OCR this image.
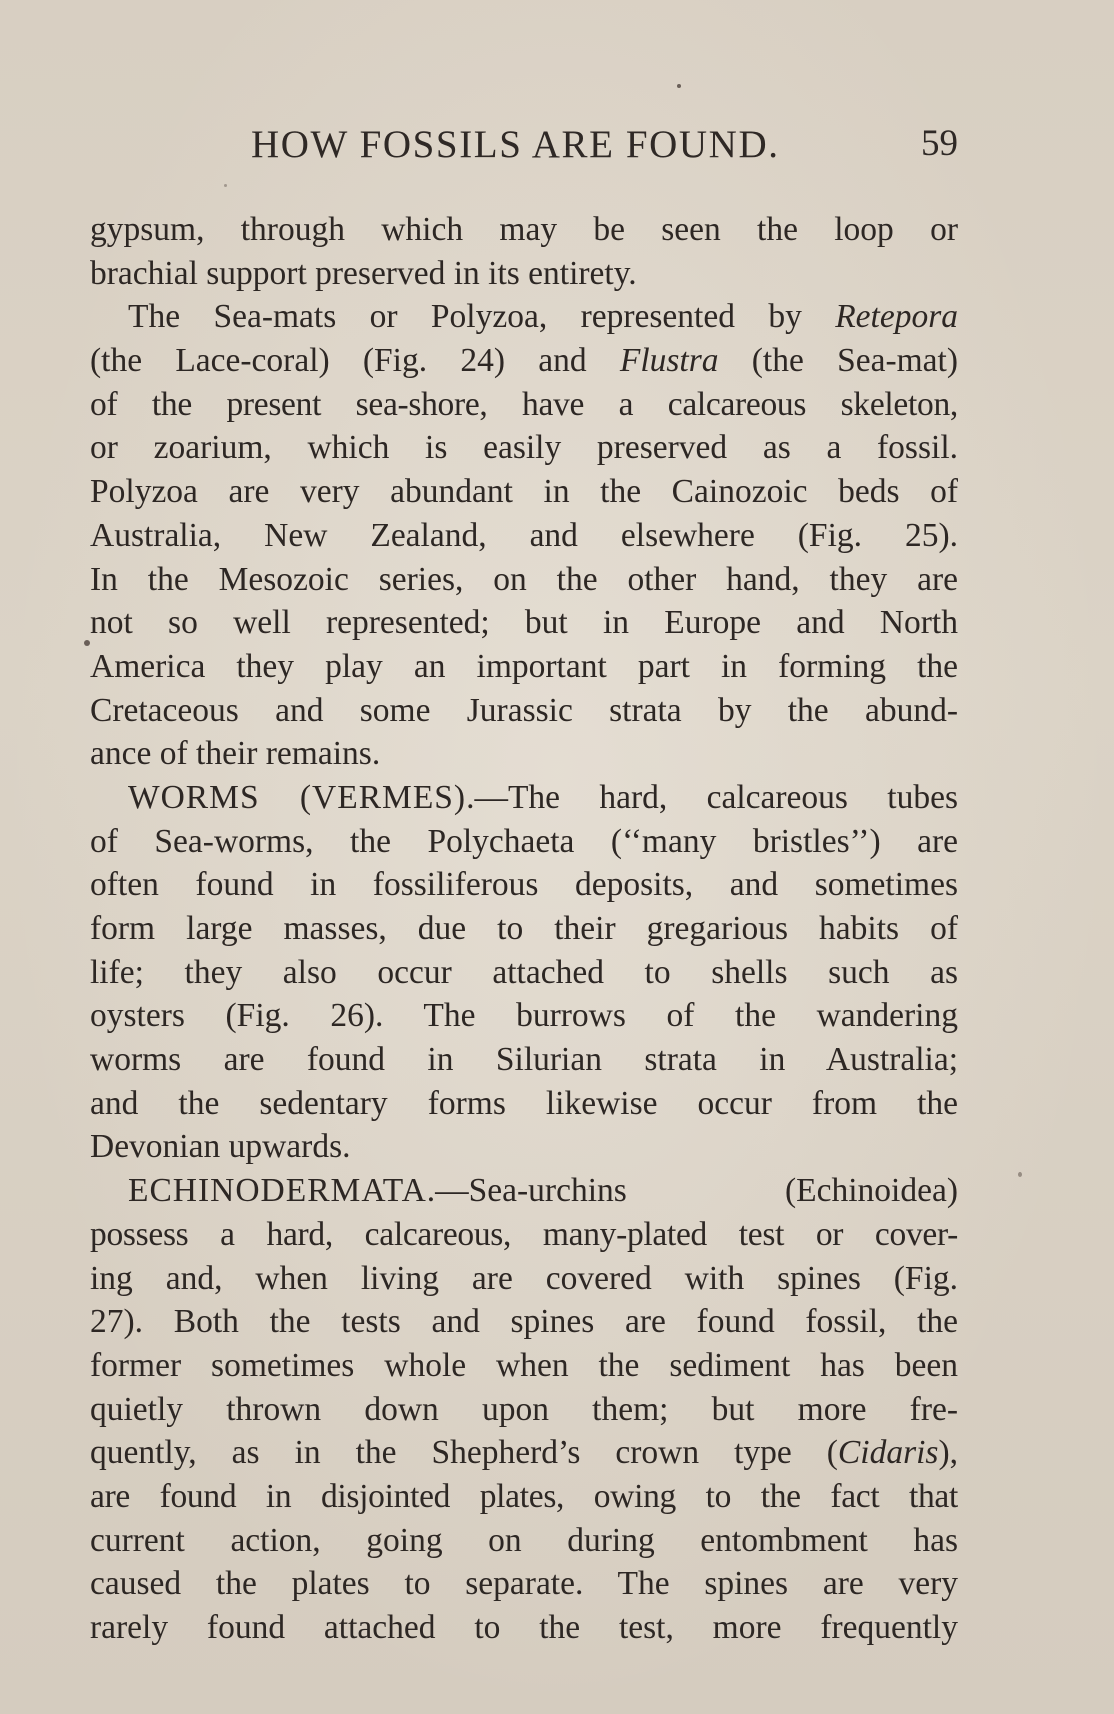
HOW FOSSILS ARE FOUND.	59
gypsum, through which may be seen the loop or
brachial support preserved in its entirety.
The Sea-mats or Polyzoa, represented by Retepora
(the Lace-coral) (Fig. 24) and Flustra (the Sea-mat)
of the present sea-shore, have a calcareous skeleton,
or zoarium, which is easily preserved as a fossil.
Polyzoa are very abundant in the Cainozoic beds of
Australia, New Zealand, and elsewhere (Fig. 25).
In the Mesozoic series, on the other hand, they are
not so well represented; but in Europe and North
America they play an important part in forming the
Cretaceous and some Jurassic strata by the abund-
ance of their remains.
WORMS (VERMES).—The hard, calcareous tubes
of Sea-worms, the Polychaeta (‘‘many bristles’’) are
often found in fossiliferous deposits, and sometimes
form large masses, due to their gregarious habits of
life; they also occur attached to shells such as
oysters (Fig. 26). The burrows of the wandering
worms are found in Silurian strata in Australia;
and the sedentary forms likewise occur from the
Devonian upwards.
ECHINODERMATA.—Sea-urchins (Echinoidea)
possess a hard, calcareous, many-plated test or cover-
ing and, when living are covered with spines (Fig.
27). Both the tests and spines are found fossil, the
former sometimes whole when the sediment has been
quietly thrown down upon them; but more fre-
quently, as in the Shepherd’s crown type (Cidaris),
are found in disjointed plates, owing to the fact that
current action, going on during entombment has
caused the plates to separate. The spines are very
rarely found attached to the test, more frequently
